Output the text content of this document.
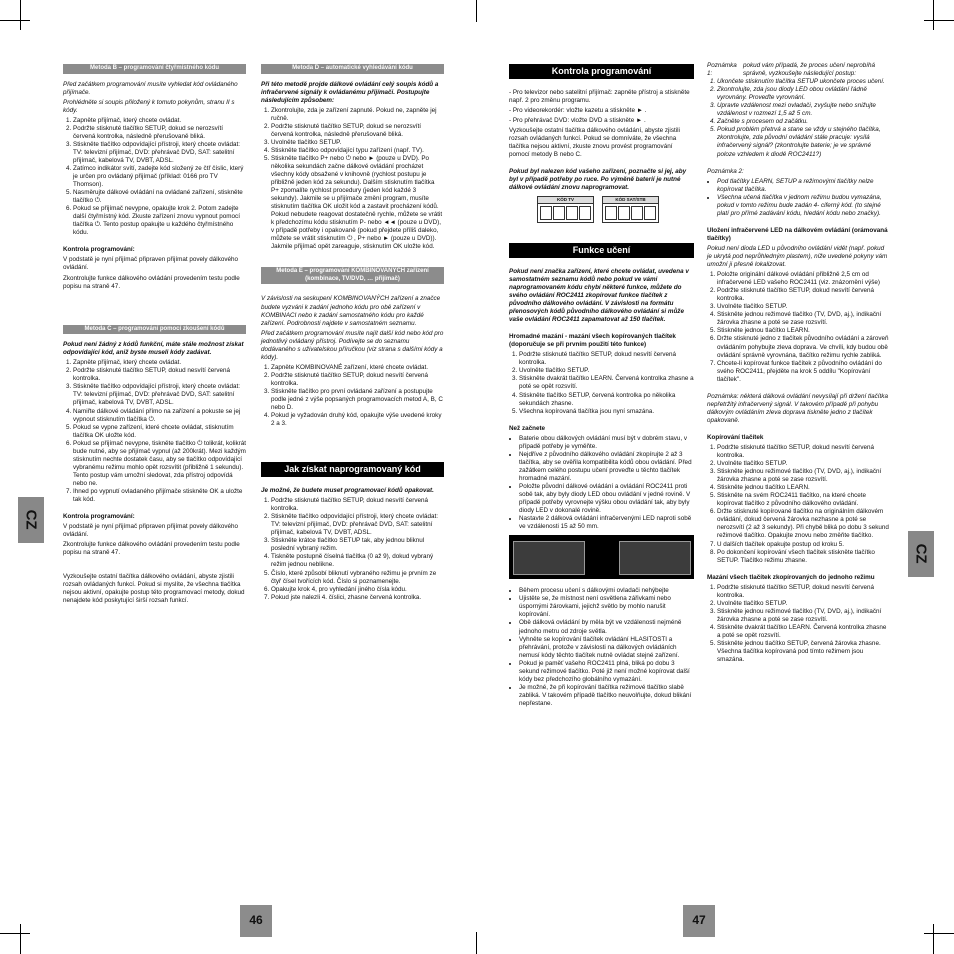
CZ
CZ
46	47
Metoda B – programování čtyřmístného kódu

Před začátkem programování musíte vyhledat kód ovládaného přijímače.

Prohlédněte si soupis přiložený k tomuto pokynům, stranu II s kódy.

1. Zapněte přijímač, který chcete ovládat.
2. Podržte stisknuté tlačítko SETUP, dokud se nerozsvítí červená kontrolka, následně přerušovaně bliká.
3. Stiskněte tlačítko odpovídající přístroji, který chcete ovládat: TV: televizní přijímač, DVD: přehrávač DVD, SAT: satelitní přijímač, kabelová TV, DVBT, ADSL.
4. Zatímco indikátor svítí, zadejte kód složený ze čtř číslic, který je určen pro ovládaný přijímač (příklad: 0166 pro TV Thomson).
5. Nasměrujte dálkové ovládání na ovládané zařízení, stiskněte tlačítko ⏻.
6. Pokud se přijímač nevypne, opakujte krok 2. Potom zadejte další čtyřmístný kód. Zkuste zařízení znovu vypnout pomocí tlačítka ⏻. Tento postup opakujte u každého čtyřmístného kódu.

Kontrola programování:

V podstatě je nyní přijímač připraven přijímat povely dálkového ovládání.

Zkontrolujte funkce dálkového ovládání provedením testu podle popisu na straně 47.

Metoda C – programování pomocí zkoušení kódů

Pokud není žádný z kódů funkční, máte stále možnost získat odpovídající kód, aniž byste museli kódy zadávat.

1. Zapněte přijímač, který chcete ovládat.
2. Podržte stisknuté tlačítko SETUP, dokud nesvítí červená kontrolka.
3. Stiskněte tlačítko odpovídající přístroji, který chcete ovládat: TV: televizní přijímač, DVD: přehrávač DVD, SAT: satelitní přijímač, kabelová TV, DVBT, ADSL.
4. Namiřte dálkové ovládání přímo na zařízení a pokuste se jej vypnout stisknutím tlačítka ⏻.
5. Pokud se vypne zařízení, které chcete ovládat, stisknutím tlačítka OK uložte kód.
6. Pokud se přijímač nevypne, tiskněte tlačítko ⏻ tolikrát, kolikrát bude nutné, aby se přijímač vypnul (až 200krát). Mezi každým stisknutím nechte dostatek času, aby se tlačítko odpovídající vybranému režimu mohlo opět rozsvítit (přibližně 1 sekundu). Tento postup vám umožní sledovat, zda přístroj odpovídá nebo ne.
7. Ihned po vypnutí ovladaného přijímače stiskněte OK a uložte tak kód.

Kontrola programování:

V podstatě je nyní přijímač připraven přijímat povely dálkového ovládání.

Zkontrolujte funkce dálkového ovládání provedením testu podle popisu na straně 47.

Vyzkoušejte ostatní tlačítka dálkového ovládání, abyste zjistili rozsah ovládaných funkcí. Pokud si myslíte, že všechna tlačítka nejsou aktivní, opakujte postup této programovací metody, dokud nenajdete kód poskytující širší rozsah funkcí.

Metoda D – automatické vyhledávání kódu

Při této metodě projde dálkové ovládání celý soupis kódů a infračervené signály k ovládanému přijímači. Postupujte následujícím způsobem:

1. Zkontrolujte, zda je zařízení zapnuté. Pokud ne, zapněte jej ručně.
2. Podržte stisknuté tlačítko SETUP, dokud se nerozsvítí červená kontrolka, následně přerušovaně bliká.
3. Uvolněte tlačítko SETUP.
4. Stiskněte tlačítko odpovídající typu zařízení (např. TV).
5. Stiskněte tlačítko P+ nebo ⏻ nebo ► (pouze u DVD). Po několika sekundách začne dálkové ovládání procházet všechny kódy obsažené v knihovně (rychlost postupu je přibližně jeden kód za sekundu). Dalším stisknutím tlačítka P+ zpomalíte rychlost procedury (jeden kód každé 3 sekundy). Jakmile se u přijímače změní program, musíte stisknutím tlačítka OK uložit kód a zastavit procházení kódů. Pokud nebudete reagovat dostatečně rychle, můžete se vrátit k předchozímu kódu stisknutím P- nebo ◄◄ (pouze u DVD), v případě potřeby i opakovaně (pokud přejdete příliš daleko, můžete se vrátit stisknutím ⏻ , P+ nebo ► (pouze u DVD)). Jakmile přijímač opět zareaguje, stisknutím OK uložte kód.
Metoda E – programování KOMBINOVANÝCH zařízení (kombinace, TV/DVD, … přijímač)

V závislosti na seskupení KOMBINOVANÝCH zařízení a značce budete vyzváni k zadání jednoho kódu pro obě zařízení v KOMBINACI nebo k zadání samostatného kódu pro každé zařízení. Podrobnosti najdete v samostatném seznamu.

Před začátkem programování musíte najít další kód nebo kód pro jednotlivý ovládaný přístroj. Podívejte se do seznamu dodávaného s uživatelskou příručkou (viz strana s dalšími kódy a kódy).

1. Zapněte KOMBINOVANÉ zařízení, které chcete ovládat.
2. Podržte stisknuté tlačítko SETUP, dokud nesvítí červená kontrolka.
3. Stiskněte tlačítko pro první ovládané zařízení a postupujte podle jedné z výše popsaných programovacích metod A, B, C nebo D.
4. Pokud je vyžadován druhý kód, opakujte výše uvedené kroky 2 a 3.
Jak získat naprogramovaný kód

Je možné, že budete muset programovací kódů opakovat.

1. Podržte stisknuté tlačítko SETUP, dokud nesvítí červená kontrolka.
2. Stiskněte tlačítko odpovídající přístroji, který chcete ovládat: TV: televizní přijímač, DVD: přehrávač DVD, SAT: satelitní přijímač, kabelová TV, DVBT, ADSL.
3. Stiskněte krátce tlačítko SETUP tak, aby jednou bliknul poslední vybraný režim.
4. Tiskněte postupně číselná tlačítka (0 až 9), dokud vybraný režim jednou neblikne.
5. Číslo, které způsobí bliknutí vybraného režimu je prvním ze čtyř čísel tvořících kód. Číslo si poznamenejte.
6. Opakujte krok 4, pro vyhledání jiného čísla kódu.
7. Pokud jste nalezli 4. číslici, zhasne červená kontrolka.
Kontrola programování

- Pro televizor nebo satelitní přijímač: zapněte přístroj a stiskněte např. 2 pro změnu programu.

- Pro videorekordér: vložte kazetu a stiskněte ► .

- Pro přehrávač DVD: vložte DVD a stiskněte ► .

Vyzkoušejte ostatní tlačítka dálkového ovládání, abyste zjistili rozsah ovládaných funkcí. Pokud se domníváte, že všechna tlačítka nejsou aktivní, zkuste znovu provést programování pomocí metody B nebo C.

Pokud byl nalezen kód vašeho zařízení, poznačte si jej, aby byl v případě potřeby po ruce. Po výměně baterií je nutné dálkové ovládání znovu naprogramovat.

KÓD TV	KÓD SAT/STB
Funkce učení

Pokud není značka zařízení, které chcete ovládat, uvedena v samostatném seznamu kódů nebo pokud ve vámi naprogramovaném kódu chybí některé funkce, můžete do svého ovládání ROC2411 zkopírovat funkce tlačítek z původního dálkového ovládání. V závislosti na formátu přenosových kódů původního dálkového ovládání si může vaše ovládání ROC2411 zapamatovat až 150 tlačítek.

Hromadné mazání - mazání všech kopírovaných tlačítek (doporučuje se při prvním použití této funkce)

1. Podržte stisknuté tlačítko SETUP, dokud nesvítí červená kontrolka.
2. Uvolněte tlačítko SETUP.
3. Stiskněte dvakrát tlačítko LEARN. Červená kontrolka zhasne a poté se opět rozsvítí.
4. Stiskněte tlačítko SETUP, červená kontrolka po několika sekundách zhasne.
5. Všechna kopírovaná tlačítka jsou nyní smazána.

Než začnete

• Baterie obou dálkových ovládání musí být v dobrém stavu, v případě potřeby je vyměňte.
• Nejdříve z původního dálkového ovládání zkopírujte 2 až 3 tlačítka, aby se ověřila kompatibilita kódů obou ovládání. Před zažátkem celého postupu učení proveďte u těchto tlačítek hromadné mazání.
• Položte původní dálkové ovládání a ovládání ROC2411 proti sobě tak, aby byly diody LED obou ovládání v jedné rovině. V případě potřeby vyrovnejte výšku obou ovládání tak, aby byly diody LED v dokonalé rovině.
• Nastavte 2 dálková ovládání infračervenými LED naproti sobě ve vzdálenosti 15 až 50 mm.
• Během procesu učení s dálkovými ovladači nehýbejte
• Ujistěte se, že místnost není osvětlena zářivkami nebo úspornými žárovkami, jejichž světlo by mohlo narušit kopírování.
• Obě dálková ovládání by měla být ve vzdálenosti nejméně jednoho metru od zdroje světla.
• Vyhněte se kopírování tlačítek ovládání HLASITOSTI a přehrávání, protože v závislosti na dálkových ovládáních nemusí kódy těchto tlačítek nutně ovládat stejné zařízení.
• Pokud je paměť vašeho ROC2411 plná, bliká po dobu 3 sekund režimové tlačítko. Poté již není možné kopírovat další kódy bez předchozího globálního vymazání.
• Je možné, že při kopírování tlačítka režimové tlačítko slabě zabliká. V takovém případě tlačítko neuvolňujte, dokud blikání nepřestane.
Poznámka 1:
pokud vám případá, že proces učení neprobíhá správně, vyzkoušejte následující postup:
1. Ukončete stisknutím tlačítka SETUP ukončete proces učení.
2. Zkontrolujte, zda jsou diody LED obou ovládání řádně vyrovnány. Proveďte vyrovnání.
3. Upravte vzdálenost mezi ovladači, zvyšujte nebo snižujte vzdálenost v rozmezí 1,5 až 5 cm.
4. Začněte s procesem od začátku.
5. Pokud problém přetrvá a stane se vždy u stejného tlačítka, zkontrolujte, zda původní ovládání stále pracuje: vysílá infračervený signál? (zkontrolujte baterie; je ve správné poloze vzhledem k diodě ROC2411?)

Poznámka 2:

• Pod tlačítky LEARN, SETUP a režimovými tlačítky nelze kopírovat tlačítka.
• Všechna učená tlačítka v jednom režimu budou vymazána, pokud v tomto režimu bude zadán 4- ciferný kód. (to stejné platí pro přímé zadávání kódu, hledání kódu nebo značky).

Uložení infračervené LED na dálkovém ovládání (orámovaná tlačítky)

Pokud není dioda LED u původního ovládání vidět (např. pokud je ukrytá pod neprůhledným plastem), níže uvedené pokyny vám umožní ji přesně lokalizovat.

1. Položte originální dálkové ovládání přibližně 2,5 cm od infračervené LED vašeho ROC2411 (viz. znázornění výše)
2. Podržte stisknuté tlačítko SETUP, dokud nesvítí červená kontrolka.
3. Uvolněte tlačítko SETUP.
4. Stiskněte jednou režimové tlačítko (TV, DVD, aj.), indikační žárovka zhasne a poté se zase rozsvítí.
5. Stiskněte jednou tlačítko LEARN.
6. Držte stisknuté jedno z tlačítek původního ovládání a zároveň ovládáním pohybujte zleva doprava. Ve chvíli, kdy budou obě ovládání správně vyrovnána, tlačítko režimu rychle zabliká.
7. Chcete-li kopírovat funkce tlačítek z původního ovládání do svého ROC2411, přejděte na krok 5 oddílu "Kopírování tlačítek".

Poznámka: některá dálková ovládání nevysílají při držení tlačítka nepřetržitý infračervený signál. V takovém případě při pohybu dálkovým ovládáním zleva doprava tiskněte jedno z tlačítek opakovaně.

Kopírování tlačítek

1. Podržte stisknuté tlačítko SETUP, dokud nesvítí červená kontrolka.
2. Uvolněte tlačítko SETUP.
3. Stiskněte jednou režimové tlačítko (TV, DVD, aj.), indikační žárovka zhasne a poté se zase rozsvítí.
4. Stiskněte jednou tlačítko LEARN.
5. Stiskněte na svém ROC2411 tlačítko, na které chcete kopírovat tlačítko z původního dálkového ovládání.
6. Držte stisknuté kopírované tlačítko na originálním dálkovém ovládání, dokud červená žárovka nezhasne a poté se nerozsvítí (2 až 3 sekundy). Při chybě bliká po dobu 3 sekund režimové tlačítko. Opakujte znovu nebo změňte tlačítko.
7. U dalších tlačítek opakujte postup od kroku 5.
8. Po dokončení kopírování všech tlačítek stiskněte tlačítko SETUP. Tlačítko režimu zhasne.

Mazání všech tlačítek zkopírovaných do jednoho režimu

1. Podržte stisknuté tlačítko SETUP, dokud nesvítí červená kontrolka.
2. Uvolněte tlačítko SETUP.
3. Stiskněte jednou režimové tlačítko (TV, DVD, aj.), indikační žárovka zhasne a poté se zase rozsvítí.
4. Stiskněte dvakrát tlačítko LEARN. Červená kontrolka zhasne a poté se opět rozsvítí.
5. Stiskněte jednou tlačítko SETUP, červená žárovka zhasne. Všechna tlačítka kopírovaná pod tímto režimem jsou smazána.
